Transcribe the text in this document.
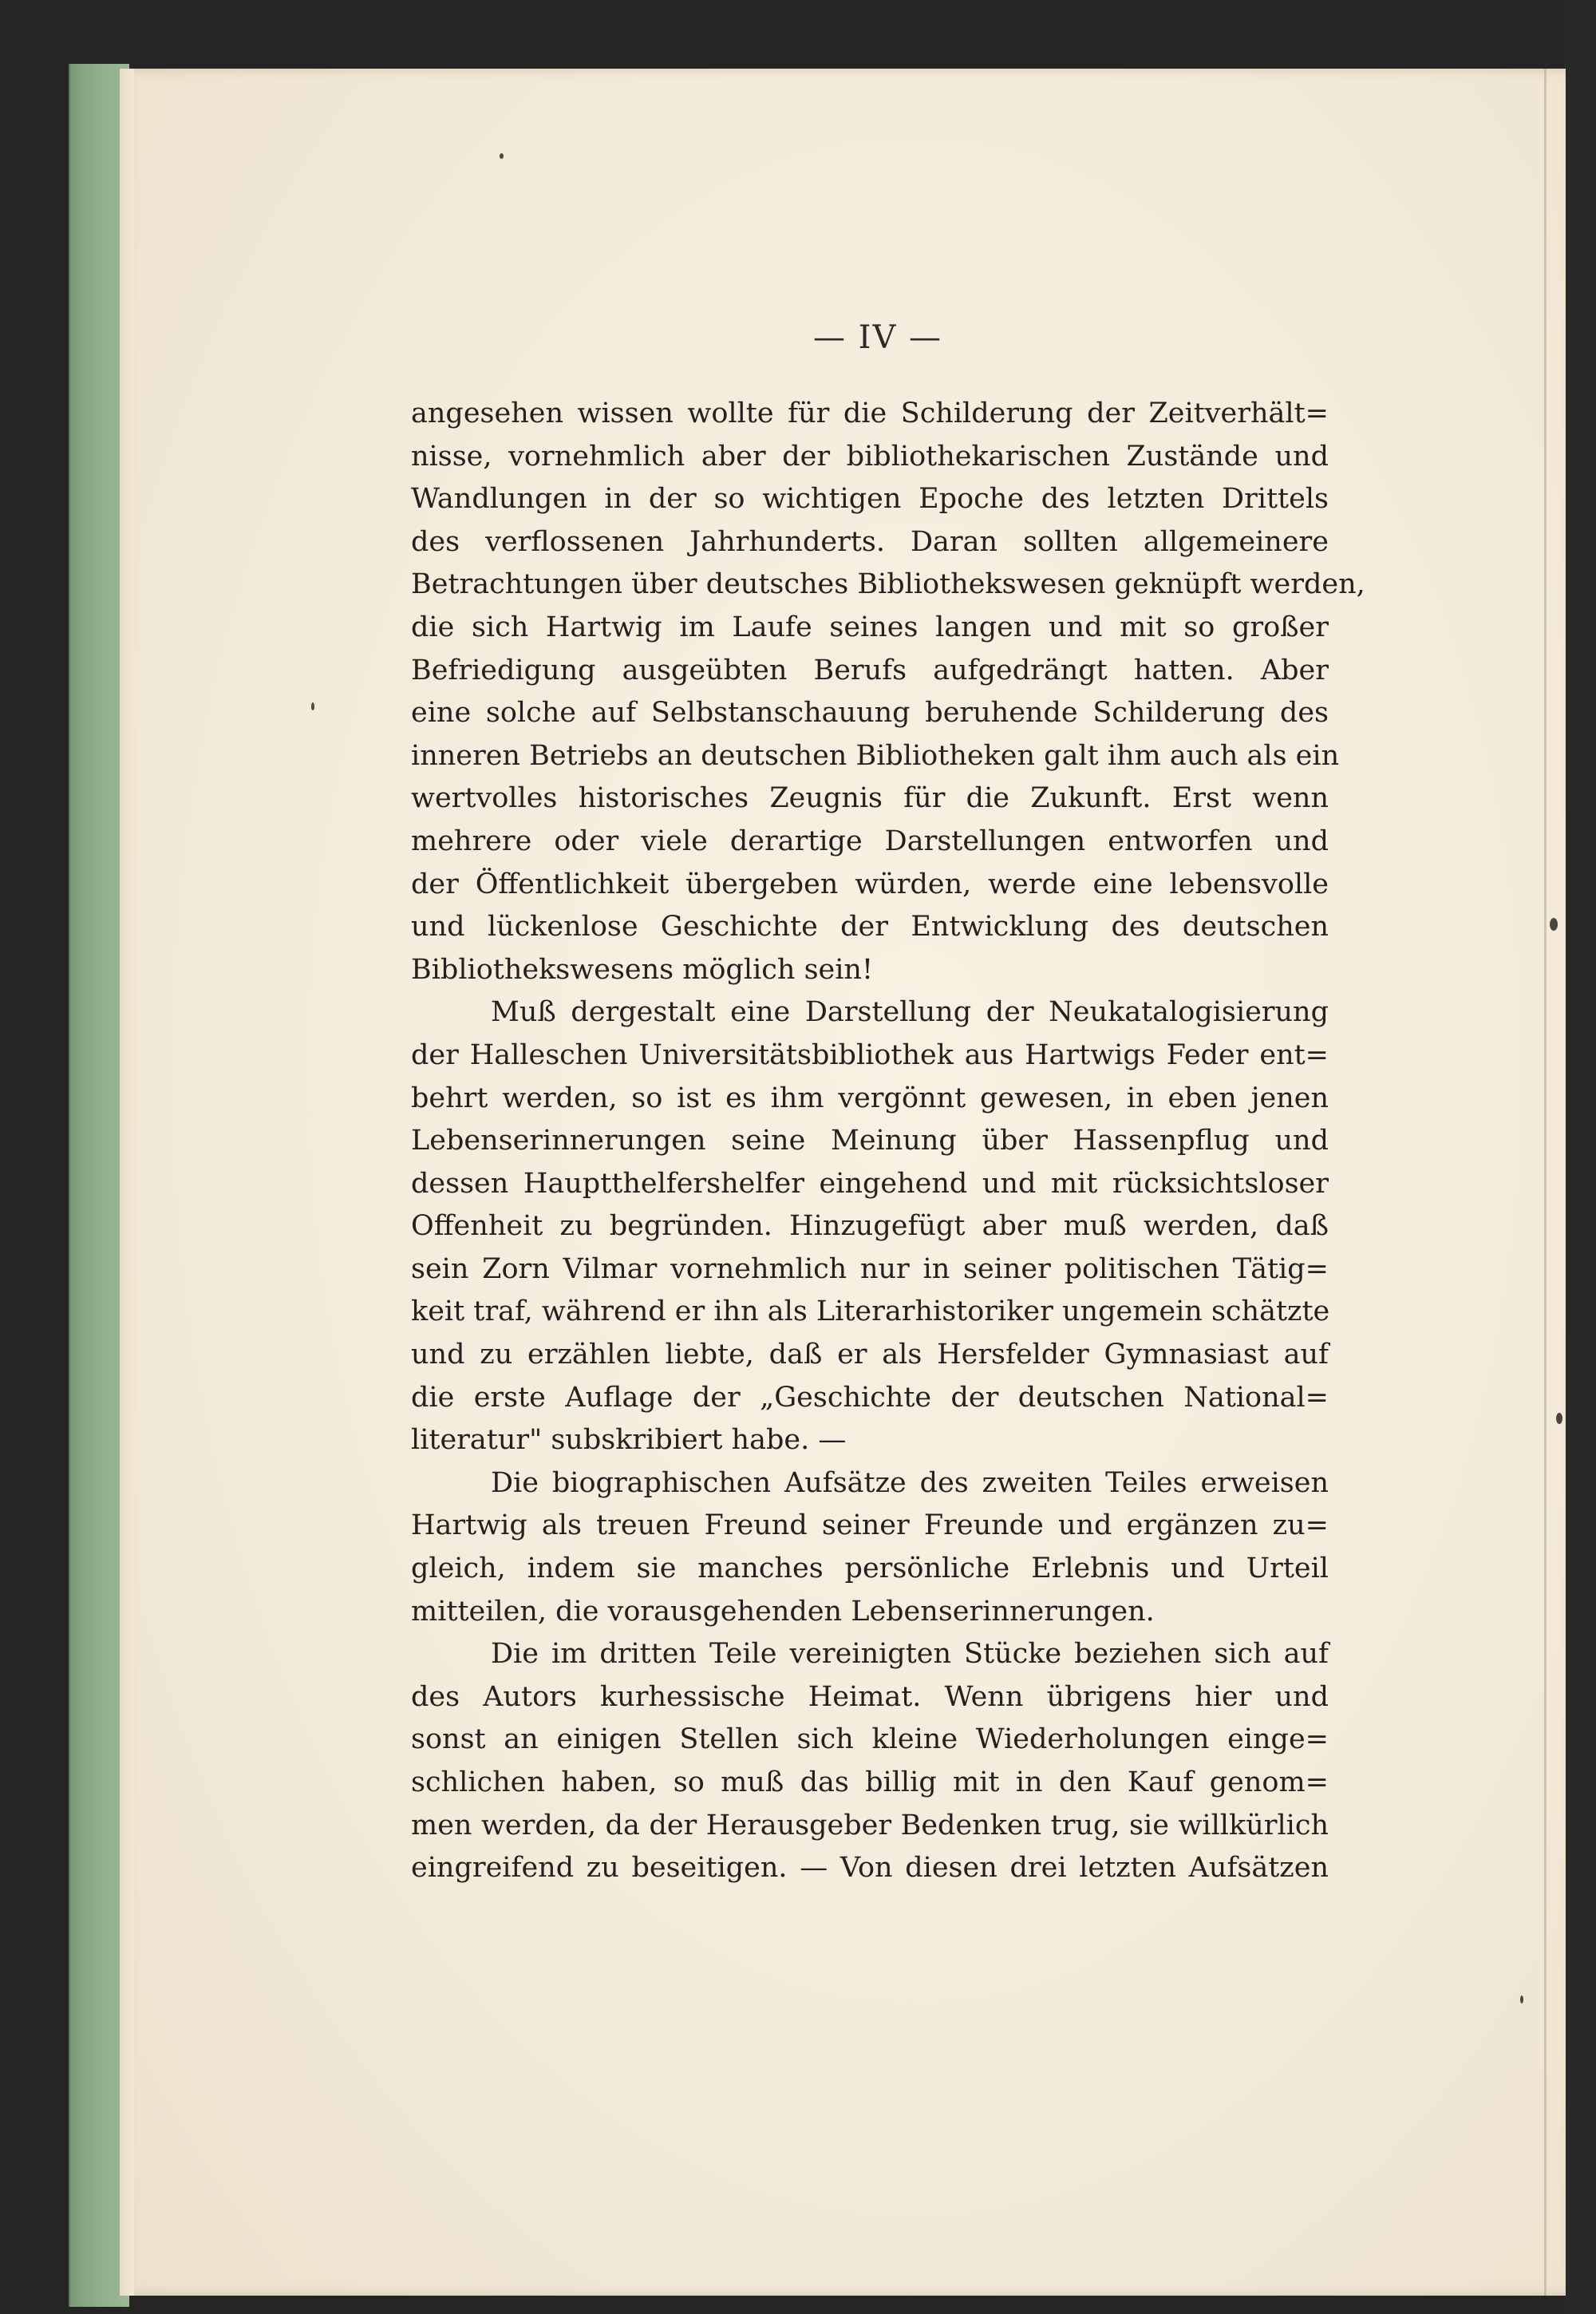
— IV —
angesehen wissen wollte für die Schilderung der Zeitverhält=
nisse, vornehmlich aber der bibliothekarischen Zustände und
Wandlungen in der so wichtigen Epoche des letzten Drittels
des verflossenen Jahrhunderts. Daran sollten allgemeinere
Betrachtungen über deutsches Bibliothekswesen geknüpft werden,
die sich Hartwig im Laufe seines langen und mit so großer
Befriedigung ausgeübten Berufs aufgedrängt hatten. Aber
eine solche auf Selbstanschauung beruhende Schilderung des
inneren Betriebs an deutschen Bibliotheken galt ihm auch als ein
wertvolles historisches Zeugnis für die Zukunft. Erst wenn
mehrere oder viele derartige Darstellungen entworfen und
der Öffentlichkeit übergeben würden, werde eine lebensvolle
und lückenlose Geschichte der Entwicklung des deutschen
Bibliothekswesens möglich sein!
Muß dergestalt eine Darstellung der Neukatalogisierung
der Halleschen Universitätsbibliothek aus Hartwigs Feder ent=
behrt werden, so ist es ihm vergönnt gewesen, in eben jenen
Lebenserinnerungen seine Meinung über Hassenpflug und
dessen Hauptthelfershelfer eingehend und mit rücksichtsloser
Offenheit zu begründen. Hinzugefügt aber muß werden, daß
sein Zorn Vilmar vornehmlich nur in seiner politischen Tätig=
keit traf, während er ihn als Literarhistoriker ungemein schätzte
und zu erzählen liebte, daß er als Hersfelder Gymnasiast auf
die erste Auflage der „Geschichte der deutschen National=
literatur" subskribiert habe. —
Die biographischen Aufsätze des zweiten Teiles erweisen
Hartwig als treuen Freund seiner Freunde und ergänzen zu=
gleich, indem sie manches persönliche Erlebnis und Urteil
mitteilen, die vorausgehenden Lebenserinnerungen.
Die im dritten Teile vereinigten Stücke beziehen sich auf
des Autors kurhessische Heimat. Wenn übrigens hier und
sonst an einigen Stellen sich kleine Wiederholungen einge=
schlichen haben, so muß das billig mit in den Kauf genom=
men werden, da der Herausgeber Bedenken trug, sie willkürlich
eingreifend zu beseitigen. — Von diesen drei letzten Aufsätzen
